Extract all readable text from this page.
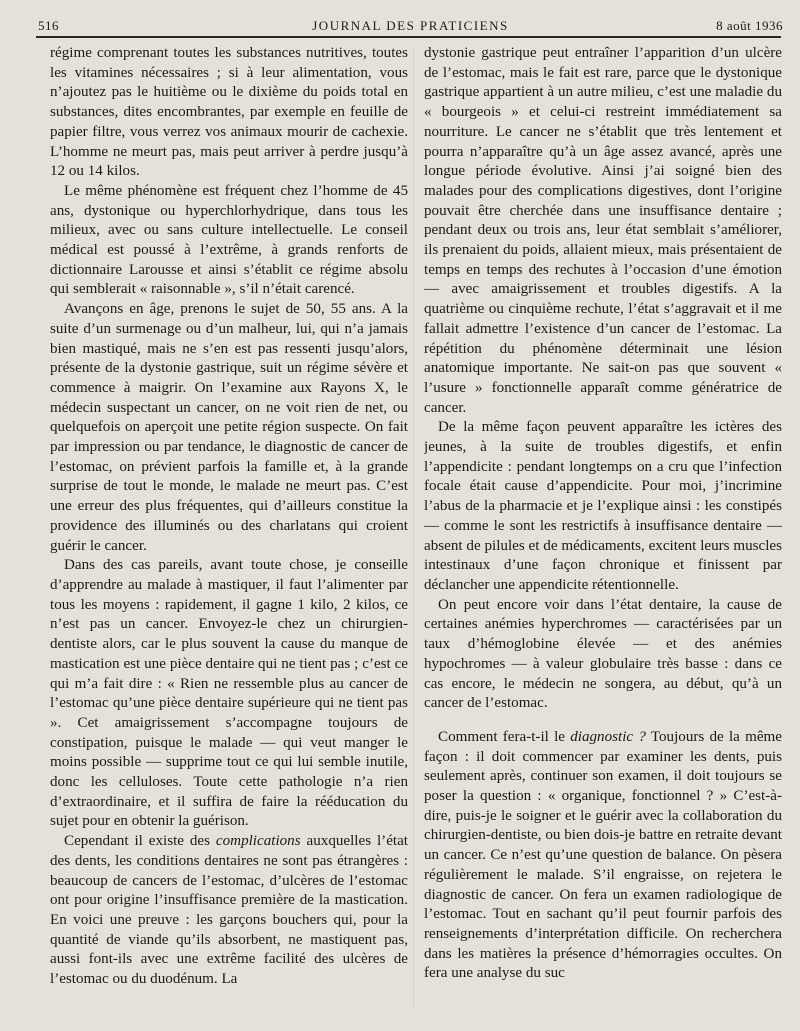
516	JOURNAL DES PRATICIENS	8 août 1936

régime comprenant toutes les substances nutritives, toutes les vitamines nécessaires ; si à leur alimentation, vous n’ajoutez pas le huitième ou le dixième du poids total en substances, dites encombrantes, par exemple en feuille de papier filtre, vous verrez vos animaux mourir de cachexie. L’homme ne meurt pas, mais peut arriver à perdre jusqu’à 12 ou 14 kilos.

Le même phénomène est fréquent chez l’homme de 45 ans, dystonique ou hyperchlorhydrique, dans tous les milieux, avec ou sans culture intellectuelle. Le conseil médical est poussé à l’extrême, à grands renforts de dictionnaire Larousse et ainsi s’établit ce régime absolu qui semblerait « raisonnable », s’il n’était carencé.

Avançons en âge, prenons le sujet de 50, 55 ans. A la suite d’un surmenage ou d’un malheur, lui, qui n’a jamais bien mastiqué, mais ne s’en est pas ressenti jusqu’alors, présente de la dystonie gastrique, suit un régime sévère et commence à maigrir. On l’examine aux Rayons X, le médecin suspectant un cancer, on ne voit rien de net, ou quelquefois on aperçoit une petite région suspecte. On fait par impression ou par tendance, le diagnostic de cancer de l’estomac, on prévient parfois la famille et, à la grande surprise de tout le monde, le malade ne meurt pas. C’est une erreur des plus fréquentes, qui d’ailleurs constitue la providence des illuminés ou des charlatans qui croient guérir le cancer.

Dans des cas pareils, avant toute chose, je conseille d’apprendre au malade à mastiquer, il faut l’alimenter par tous les moyens : rapidement, il gagne 1 kilo, 2 kilos, ce n’est pas un cancer. Envoyez-le chez un chirurgien-dentiste alors, car le plus souvent la cause du manque de mastication est une pièce dentaire qui ne tient pas ; c’est ce qui m’a fait dire : « Rien ne ressemble plus au cancer de l’estomac qu’une pièce dentaire supérieure qui ne tient pas ». Cet amaigrissement s’accompagne toujours de constipation, puisque le malade — qui veut manger le moins possible — supprime tout ce qui lui semble inutile, donc les celluloses. Toute cette pathologie n’a rien d’extraordinaire, et il suffira de faire la rééducation du sujet pour en obtenir la guérison.

Cependant il existe des complications auxquelles l’état des dents, les conditions dentaires ne sont pas étrangères : beaucoup de cancers de l’estomac, d’ulcères de l’estomac ont pour origine l’insuffisance première de la mastication. En voici une preuve : les garçons bouchers qui, pour la quantité de viande qu’ils absorbent, ne mastiquent pas, aussi font-ils avec une extrême facilité des ulcères de l’estomac ou du duodénum. La

dystonie gastrique peut entraîner l’apparition d’un ulcère de l’estomac, mais le fait est rare, parce que le dystonique gastrique appartient à un autre milieu, c’est une maladie du « bourgeois » et celui-ci restreint immédiatement sa nourriture. Le cancer ne s’établit que très lentement et pourra n’apparaître qu’à un âge assez avancé, après une longue période évolutive. Ainsi j’ai soigné bien des malades pour des complications digestives, dont l’origine pouvait être cherchée dans une insuffisance dentaire ; pendant deux ou trois ans, leur état semblait s’améliorer, ils prenaient du poids, allaient mieux, mais présentaient de temps en temps des rechutes à l’occasion d’une émotion — avec amaigrissement et troubles digestifs. A la quatrième ou cinquième rechute, l’état s’aggravait et il me fallait admettre l’existence d’un cancer de l’estomac. La répétition du phénomène déterminait une lésion anatomique importante. Ne sait-on pas que souvent « l’usure » fonctionnelle apparaît comme génératrice de cancer.

De la même façon peuvent apparaître les ictères des jeunes, à la suite de troubles digestifs, et enfin l’appendicite : pendant longtemps on a cru que l’infection focale était cause d’appendicite. Pour moi, j’incrimine l’abus de la pharmacie et je l’explique ainsi : les constipés — comme le sont les restrictifs à insuffisance dentaire — absent de pilules et de médicaments, excitent leurs muscles intestinaux d’une façon chronique et finissent par déclancher une appendicite rétentionnelle.

On peut encore voir dans l’état dentaire, la cause de certaines anémies hyperchromes — caractérisées par un taux d’hémoglobine élevée — et des anémies hypochromes — à valeur globulaire très basse : dans ce cas encore, le médecin ne songera, au début, qu’à un cancer de l’estomac.

Comment fera-t-il le diagnostic ? Toujours de la même façon : il doit commencer par examiner les dents, puis seulement après, continuer son examen, il doit toujours se poser la question : « organique, fonctionnel ? » C’est-à-dire, puis-je le soigner et le guérir avec la collaboration du chirurgien-dentiste, ou bien dois-je battre en retraite devant un cancer. Ce n’est qu’une question de balance. On pèsera régulièrement le malade. S’il engraisse, on rejetera le diagnostic de cancer. On fera un examen radiologique de l’estomac. Tout en sachant qu’il peut fournir parfois des renseignements d’interprétation difficile. On recherchera dans les matières la présence d’hémorragies occultes. On fera une analyse du suc
